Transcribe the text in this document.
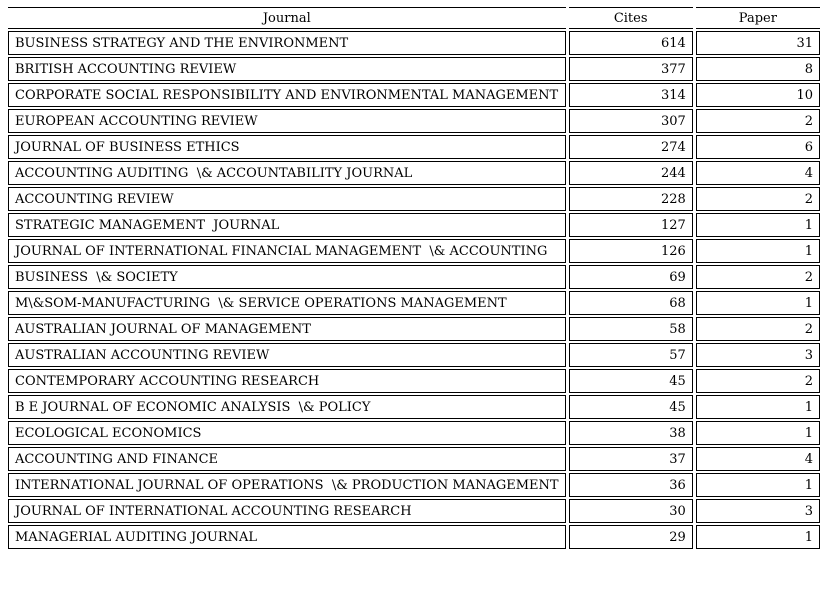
Journal	Cites	Paper
BUSINESS STRATEGY AND THE ENVIRONMENT	614	31
BRITISH ACCOUNTING REVIEW	377	8
CORPORATE SOCIAL RESPONSIBILITY AND ENVIRONMENTAL MANAGEMENT	314	10
EUROPEAN ACCOUNTING REVIEW	307	2
JOURNAL OF BUSINESS ETHICS	274	6
ACCOUNTING AUDITING  \& ACCOUNTABILITY JOURNAL	244	4
ACCOUNTING REVIEW	228	2
STRATEGIC MANAGEMENT  JOURNAL	127	1
JOURNAL OF INTERNATIONAL FINANCIAL MANAGEMENT  \& ACCOUNTING	126	1
BUSINESS  \& SOCIETY	69	2
M\&SOM-MANUFACTURING  \& SERVICE OPERATIONS MANAGEMENT	68	1
AUSTRALIAN JOURNAL OF MANAGEMENT	58	2
AUSTRALIAN ACCOUNTING REVIEW	57	3
CONTEMPORARY ACCOUNTING RESEARCH	45	2
B E JOURNAL OF ECONOMIC ANALYSIS  \& POLICY	45	1
ECOLOGICAL ECONOMICS	38	1
ACCOUNTING AND FINANCE	37	4
INTERNATIONAL JOURNAL OF OPERATIONS  \& PRODUCTION MANAGEMENT	36	1
JOURNAL OF INTERNATIONAL ACCOUNTING RESEARCH	30	3
MANAGERIAL AUDITING JOURNAL	29	1
